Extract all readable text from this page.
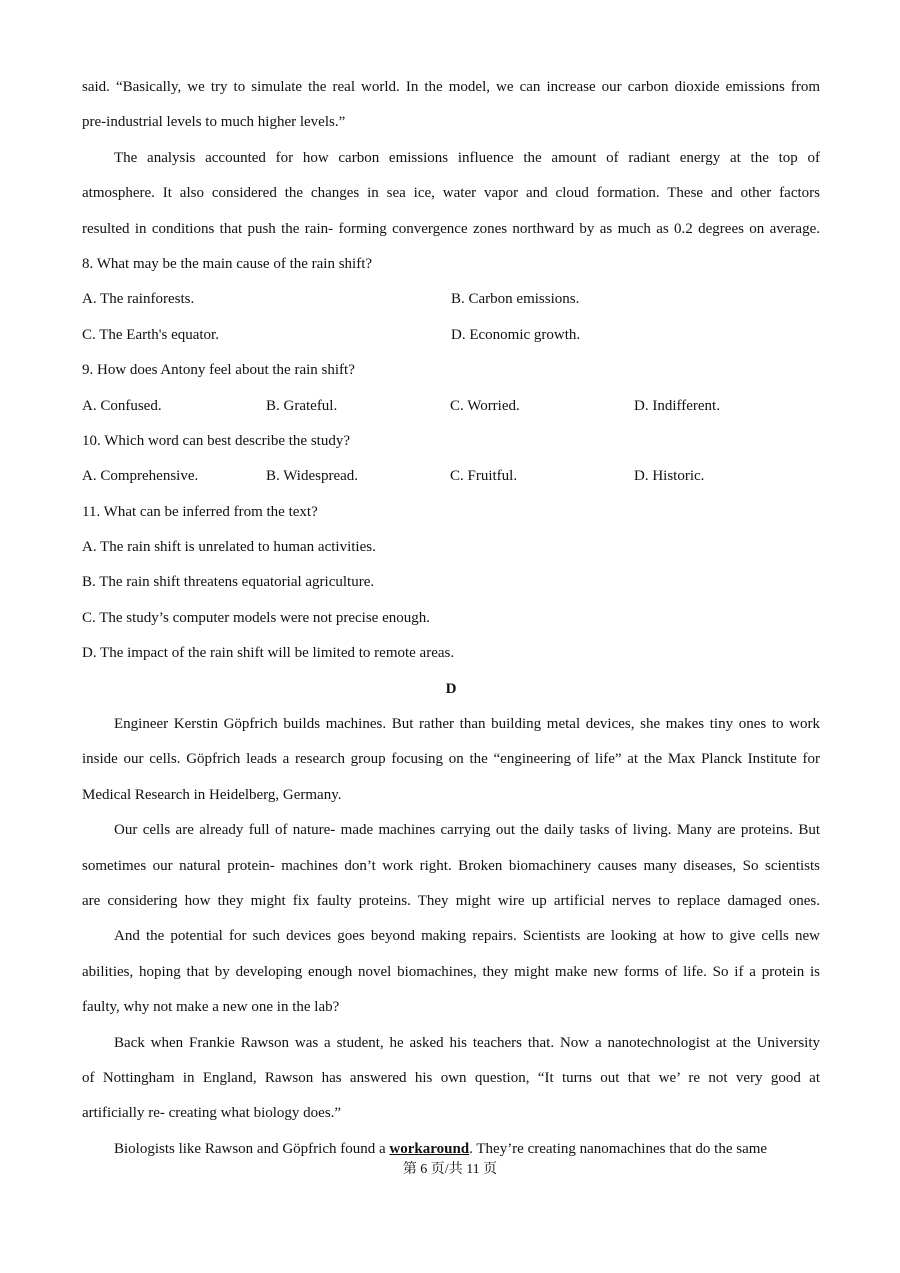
said. “Basically, we try to simulate the real world. In the model, we can increase our carbon dioxide emissions from
pre-industrial levels to much higher levels.”
The analysis accounted for how carbon emissions influence the amount of radiant energy at the top of
atmosphere. It also considered the changes in sea ice, water vapor and cloud formation. These and other factors
resulted in conditions that push the rain- forming convergence zones northward by as much as 0.2 degrees on average.
8. What may be the main cause of the rain shift?
A. The rainforests.	B. Carbon emissions.
C. The Earth's equator.	D. Economic growth.
9. How does Antony feel about the rain shift?
A. Confused.	B. Grateful.	C. Worried.	D. Indifferent.
10. Which word can best describe the study?
A. Comprehensive.	B. Widespread.	C. Fruitful.	D. Historic.
11. What can be inferred from the text?
A. The rain shift is unrelated to human activities.
B. The rain shift threatens equatorial agriculture.
C. The study’s computer models were not precise enough.
D. The impact of the rain shift will be limited to remote areas.
D
Engineer Kerstin Göpfrich builds machines. But rather than building metal devices, she makes tiny ones to work
inside our cells. Göpfrich leads a research group focusing on the “engineering of life” at the Max Planck Institute for
Medical Research in Heidelberg, Germany.
Our cells are already full of nature- made machines carrying out the daily tasks of living. Many are proteins. But
sometimes our natural protein- machines don’t work right. Broken biomachinery causes many diseases, So scientists
are considering how they might fix faulty proteins. They might wire up artificial nerves to replace damaged ones.
And the potential for such devices goes beyond making repairs. Scientists are looking at how to give cells new
abilities, hoping that by developing enough novel biomachines, they might make new forms of life. So if a protein is
faulty, why not make a new one in the lab?
Back when Frankie Rawson was a student, he asked his teachers that. Now a nanotechnologist at the University
of Nottingham in England, Rawson has answered his own question, “It turns out that we’ re not very good at
artificially re- creating what biology does.”
Biologists like Rawson and Göpfrich found a workaround. They’re creating nanomachines that do the same
第 6 页/共 11 页
